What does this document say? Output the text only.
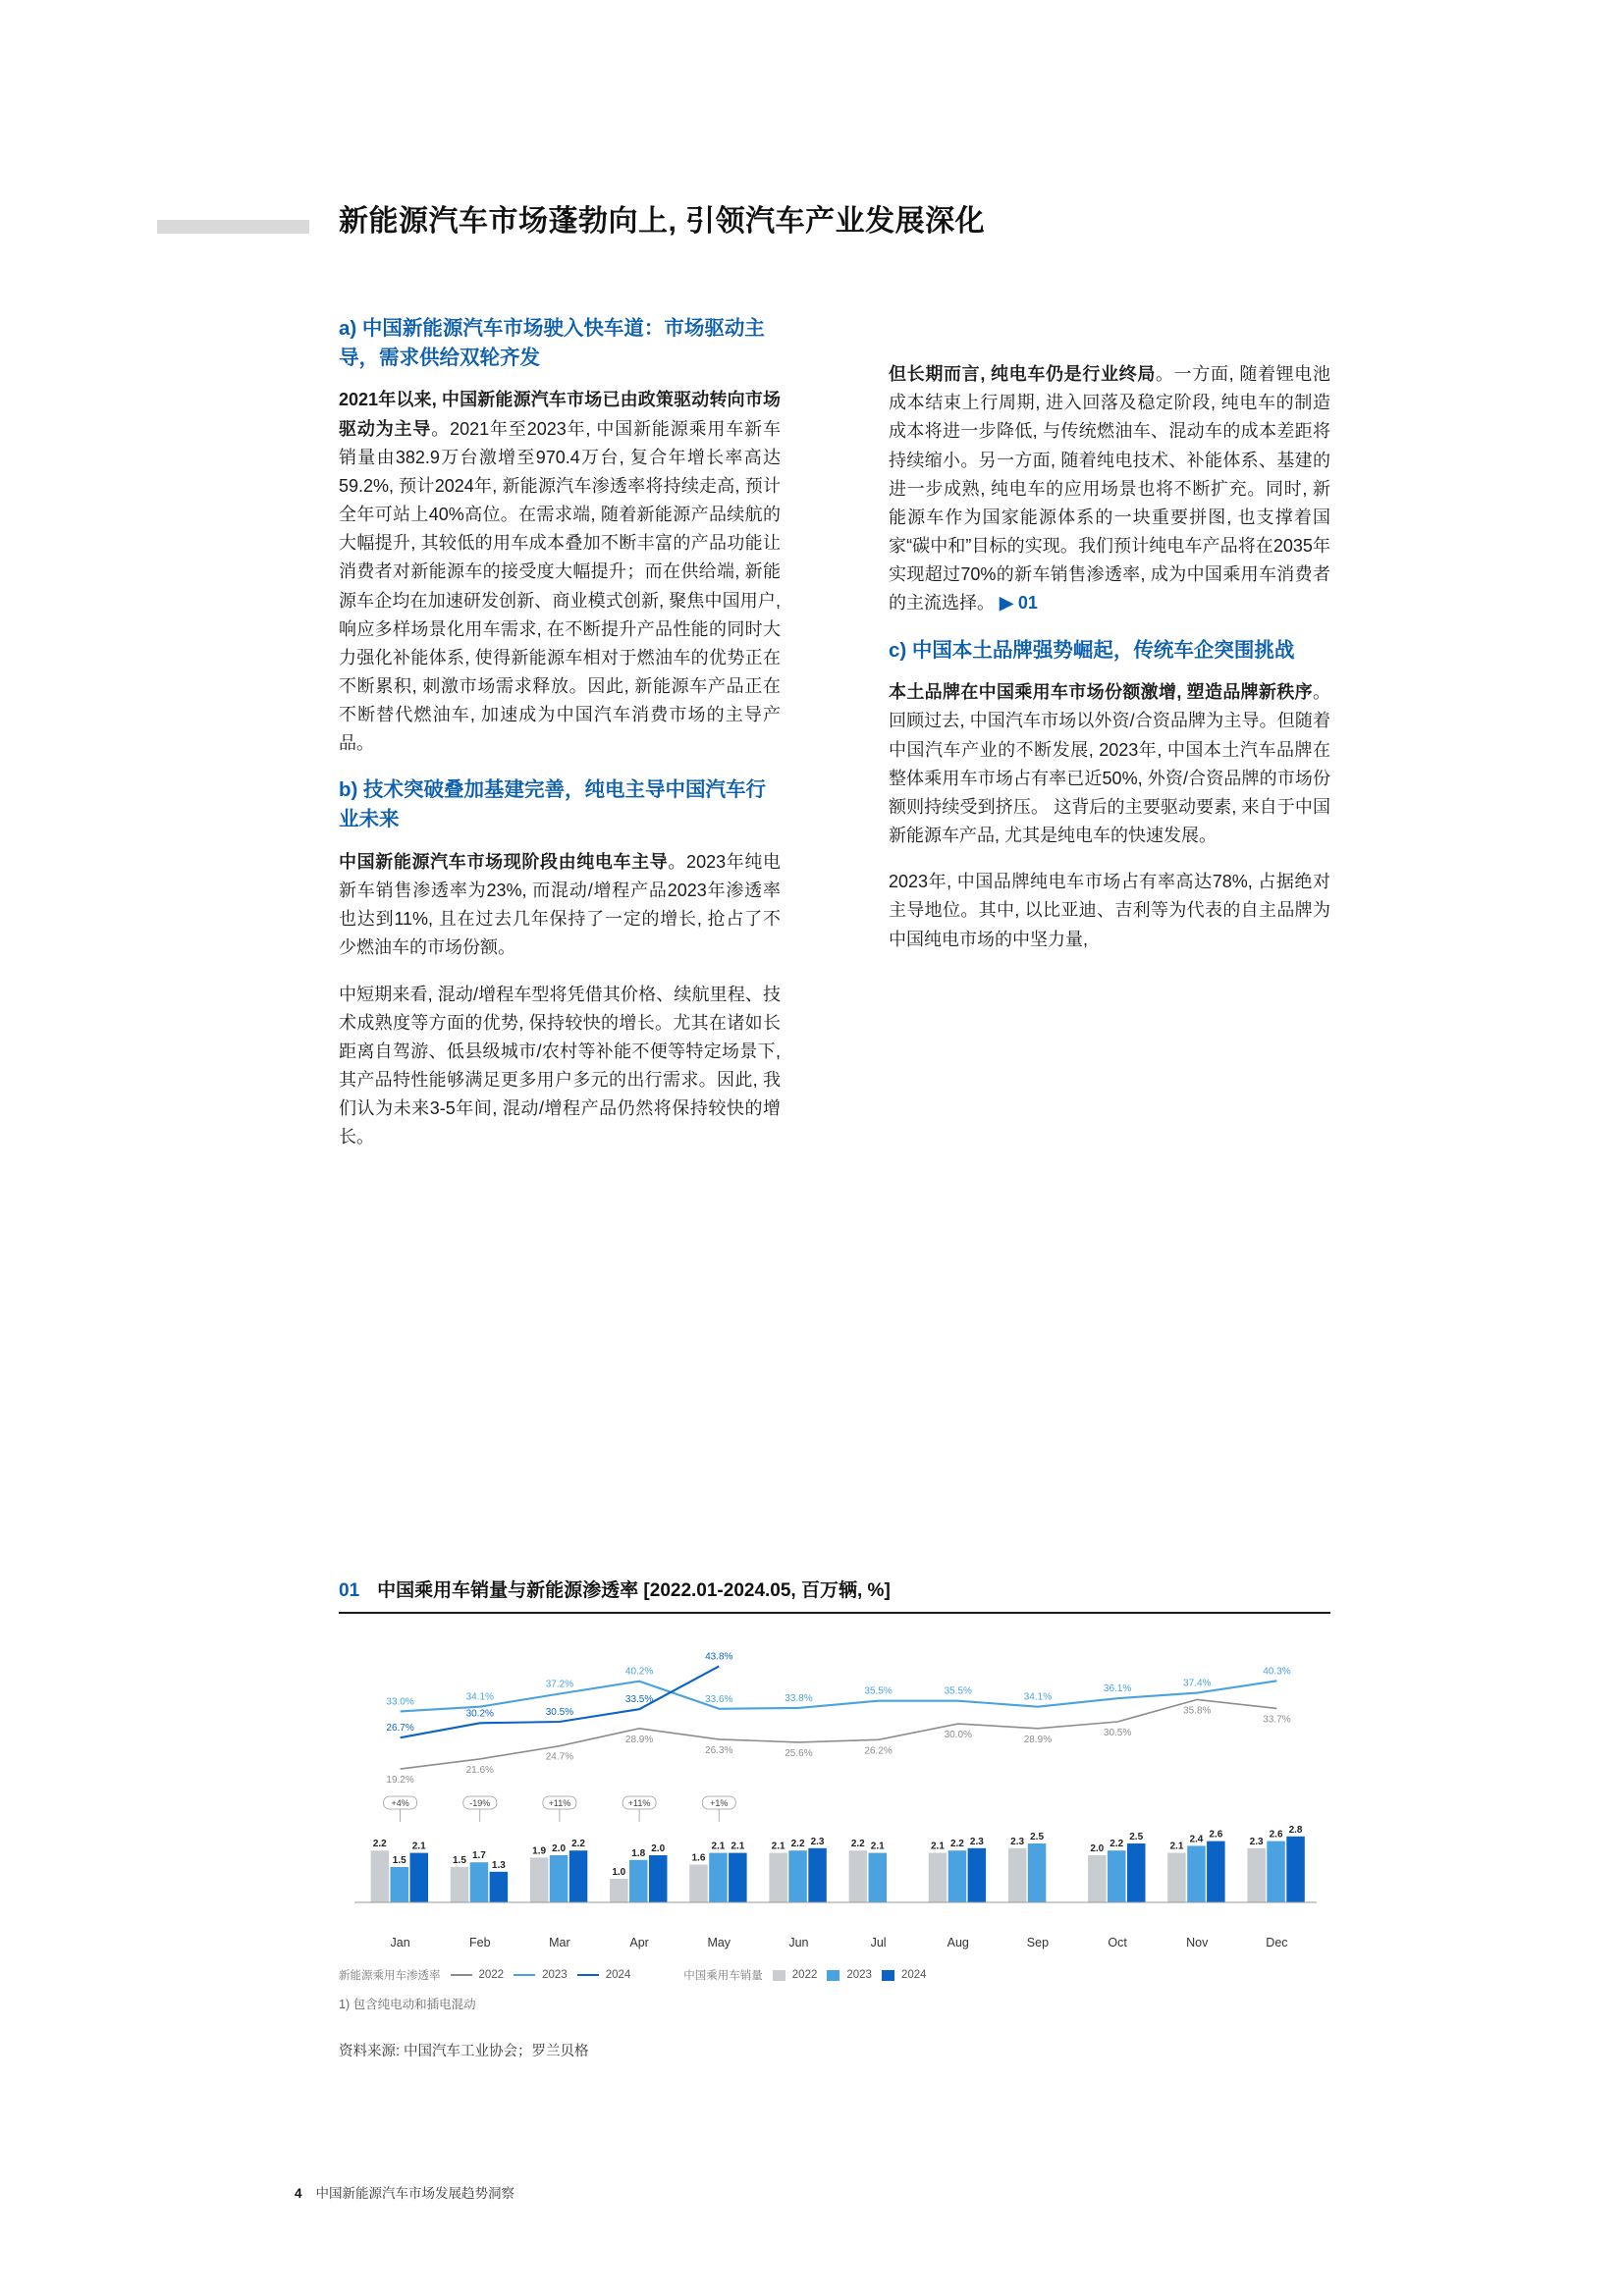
新能源汽车市场蓬勃向上, 引领汽车产业发展深化
a) 中国新能源汽车市场驶入快车道：市场驱动主导，需求供给双轮齐发

2021年以来, 中国新能源汽车市场已由政策驱动转向市场驱动为主导。2021年至2023年, 中国新能源乘用车新车销量由382.9万台激增至970.4万台, 复合年增长率高达59.2%, 预计2024年, 新能源汽车渗透率将持续走高, 预计全年可站上40%高位。在需求端, 随着新能源产品续航的大幅提升, 其较低的用车成本叠加不断丰富的产品功能让消费者对新能源车的接受度大幅提升；而在供给端, 新能源车企均在加速研发创新、商业模式创新, 聚焦中国用户, 响应多样场景化用车需求, 在不断提升产品性能的同时大力强化补能体系, 使得新能源车相对于燃油车的优势正在不断累积, 刺激市场需求释放。因此, 新能源车产品正在不断替代燃油车, 加速成为中国汽车消费市场的主导产品。

b) 技术突破叠加基建完善，纯电主导中国汽车行业未来

中国新能源汽车市场现阶段由纯电车主导。2023年纯电新车销售渗透率为23%, 而混动/增程产品2023年渗透率也达到11%, 且在过去几年保持了一定的增长, 抢占了不少燃油车的市场份额。

中短期来看, 混动/增程车型将凭借其价格、续航里程、技术成熟度等方面的优势, 保持较快的增长。尤其在诸如长距离自驾游、低县级城市/农村等补能不便等特定场景下, 其产品特性能够满足更多用户多元的出行需求。因此, 我们认为未来3-5年间, 混动/增程产品仍然将保持较快的增长。

但长期而言, 纯电车仍是行业终局。一方面, 随着锂电池成本结束上行周期, 进入回落及稳定阶段, 纯电车的制造成本将进一步降低, 与传统燃油车、混动车的成本差距将持续缩小。另一方面, 随着纯电技术、补能体系、基建的进一步成熟, 纯电车的应用场景也将不断扩充。同时, 新能源车作为国家能源体系的一块重要拼图, 也支撑着国家“碳中和”目标的实现。我们预计纯电车产品将在2035年实现超过70%的新车销售渗透率, 成为中国乘用车消费者的主流选择。 ▶ 01

c) 中国本土品牌强势崛起，传统车企突围挑战

本土品牌在中国乘用车市场份额激增, 塑造品牌新秩序。回顾过去, 中国汽车市场以外资/合资品牌为主导。但随着中国汽车产业的不断发展, 2023年, 中国本土汽车品牌在整体乘用车市场占有率已近50%, 外资/合资品牌的市场份额则持续受到挤压。 这背后的主要驱动要素, 来自于中国新能源车产品, 尤其是纯电车的快速发展。

2023年, 中国品牌纯电车市场占有率高达78%, 占据绝对主导地位。其中, 以比亚迪、吉利等为代表的自主品牌为中国纯电市场的中坚力量,

01 中国乘用车销量与新能源渗透率 [2022.01-2024.05, 百万辆, %]
19.2%
21.6%
24.7%
28.9%
26.3%	25.6%	26.2%
30.0%	28.9%
30.5%
35.8%
33.7%
33.0%	34.1%
37.2%
40.2%
33.6%	33.8%
35.5%	35.5%
34.1%
36.1%
37.4%
40.3%
26.7%
30.2%	30.5%
33.5%
43.8%
2.2
1.5
2.1
+4%
1.5 1.7
1.3
-19%
1.9 2.0 2.2
+11%
1.0
1.8 2.0
+11%
1.6
2.1 2.1
+1%
2.1 2.2 2.3	2.2 2.1	2.1 2.2 2.3	2.3 2.5
2.0 2.2
2.5
2.1
2.4 2.6
2.3
2.6 2.8
Jan	Feb	Mar	Apr	May	Jun	Jul	Aug	Sep	Oct	Nov	Dec
新能源乘用车渗透率	2022	2023	2024	中国乘用车销量	2022	2023	2024
1) 包含纯电动和插电混动
资料来源: 中国汽车工业协会；罗兰贝格
4 中国新能源汽车市场发展趋势洞察
